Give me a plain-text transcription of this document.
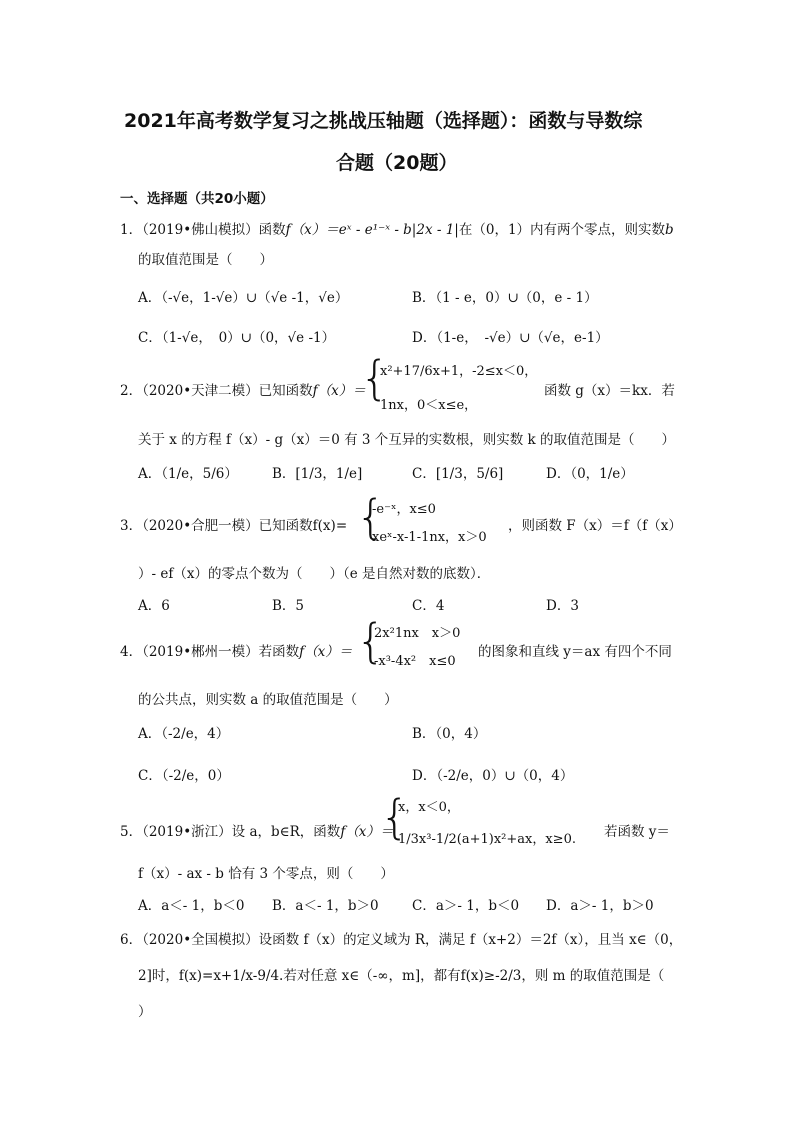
2021年高考数学复习之挑战压轴题（选择题）：函数与导数综
合题（20题）
一、选择题（共20小题）
1．（2019•佛山模拟）函数f（x）＝eˣ - e¹⁻ˣ - b|2x - 1|在（0，1）内有两个零点，则实数b
的取值范围是（　　）
A．（-√e，1-√e）∪（√e -1，√e）	B．（1 - e，0）∪（0，e - 1）
C．（1-√e，　0）∪（0，√e -1）	D．（1-e，　-√e）∪（√e，e-1）
2．（2020•天津二模）已知函数f（x）＝
{
x²+17/6x+1，-2≤x＜0，
1nx，0＜x≤e，
函数 g（x）＝kx．若
关于 x 的方程 f（x）- g（x）＝0 有 3 个互异的实数根，则实数 k 的取值范围是（　　）
A．（1/e，5/6）	B．[1/3，1/e]	C．[1/3，5/6]	D．（0，1/e）
3．（2020•合肥一模）已知函数f(x)= {
-e⁻ˣ，x≤0
xeˣ-x-1-1nx，x＞0
，则函数 F（x）＝f（f（x）
）- ef（x）的零点个数为（　　）（e 是自然对数的底数）．
A．6	B．5	C．4	D．3
4．（2019•郴州一模）若函数f（x）＝ {
2x²1nx　x＞0
-x³-4x²　x≤0
的图象和直线 y＝ax 有四个不同
的公共点，则实数 a 的取值范围是（　　）
A．（-2/e，4）	B．（0，4）
C．（-2/e，0）	D．（-2/e，0）∪（0，4）
5．（2019•浙江）设 a，b∈R，函数f（x）＝
{
x，x＜0，
1/3x³-1/2(a+1)x²+ax，x≥0. 若函数 y＝
f（x）- ax - b 恰有 3 个零点，则（　　）
A．a＜- 1，b＜0 B．a＜- 1，b＞0 C．a＞- 1，b＜0 D．a＞- 1，b＞0
6．（2020•全国模拟）设函数 f（x）的定义域为 R，满足 f（x+2）＝2f（x），且当 x∈（0，
2]时，f(x)=x+1/x-9/4.若对任意 x∈（-∞，m]，都有f(x)≥-2/3，则 m 的取值范围是（
）
